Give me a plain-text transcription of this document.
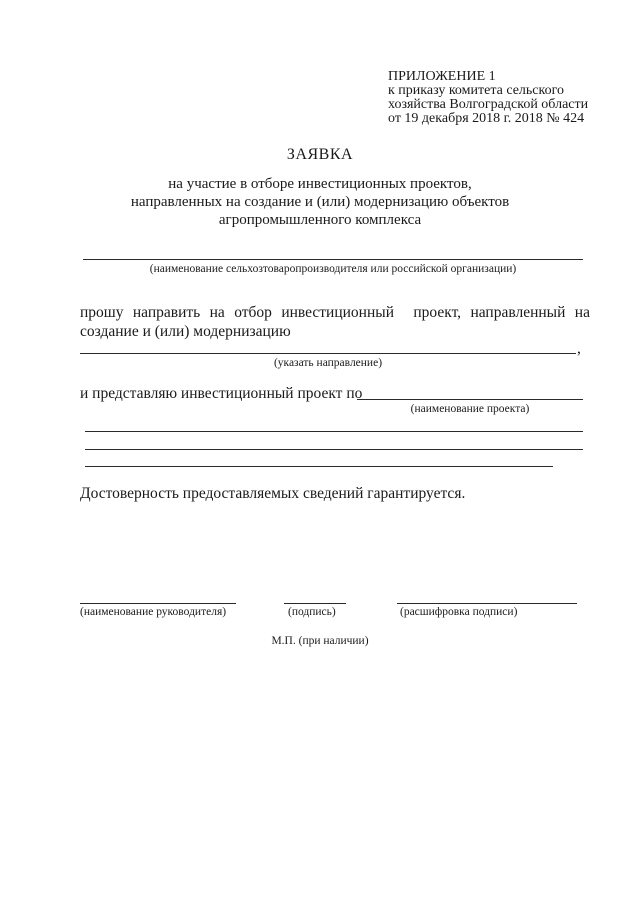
ПРИЛОЖЕНИЕ 1
к приказу комитета сельского
хозяйства Волгоградской области
от 19 декабря 2018 г. 2018 № 424
ЗАЯВКА
на участие в отборе инвестиционных проектов,
направленных на создание и (или) модернизацию объектов
агропромышленного комплекса
(наименование сельхозтоваропроизводителя или российской организации)
прошу направить на отбор инвестиционный проект, направленный на
создание и (или) модернизацию
,
(указать направление)
и представляю инвестиционный проект по
(наименование проекта)
Достоверность предоставляемых сведений гарантируется.
(наименование руководителя)	(подпись)	(расшифровка подписи)
М.П. (при наличии)
